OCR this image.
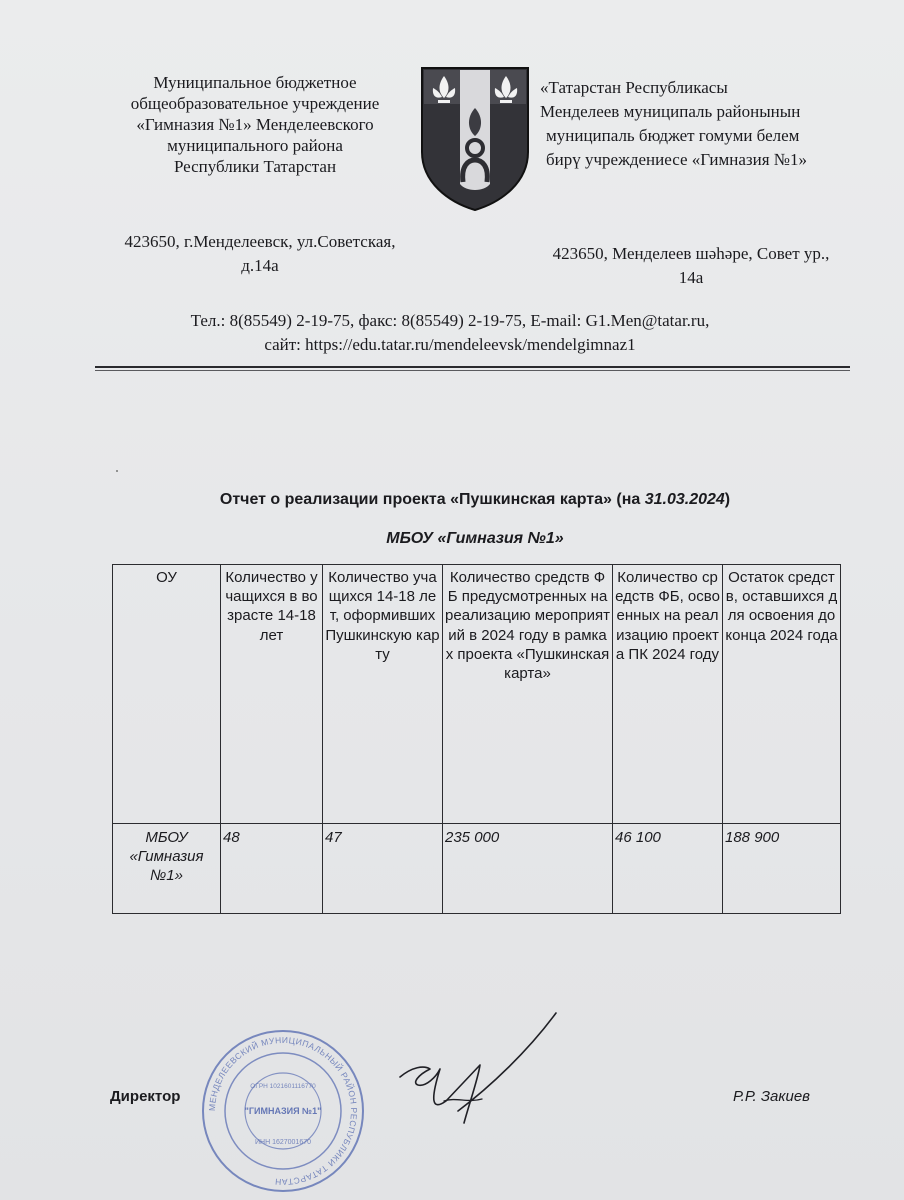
Муниципальное бюджетное
общеобразовательное учреждение
«Гимназия №1» Менделеевского
муниципального района
Республики Татарстан
«Татарстан Республикасы
Менделеев муниципаль районынын
муниципаль бюджет гомуми белем
бирү учреждениесе «Гимназия №1»
423650, г.Менделеевск, ул.Советская,
д.14а
423650, Менделеев шәһәре, Совет ур.,
14а
Тел.: 8(85549) 2-19-75, факс: 8(85549) 2-19-75, E-mail: G1.Men@tatar.ru,
сайт: https://edu.tatar.ru/mendeleevsk/mendelgimnaz1
Отчет о реализации проекта «Пушкинская карта» (на 31.03.2024)
МБОУ «Гимназия №1»
ОУ	Количество учащихся в возрасте 14-18 лет	Количество учащихся 14-18 лет, оформивших Пушкинскую карту	Количество средств ФБ предусмотренных на реализацию мероприятий в 2024 году в рамках проекта «Пушкинская карта»	Количество средств ФБ, освоенных на реализацию проекта ПК 2024 году	Остаток средств, оставшихся для освоения до конца 2024 года
МБОУ «Гимназия №1»	48	47	235 000	46 100	188 900
МЕНДЕЛЕЕВСКИЙ МУНИЦИПАЛЬНЫЙ РАЙОН РЕСПУБЛИКИ ТАТАРСТАН
ОГРН 1021601116770
"ГИМНАЗИЯ №1"
ИНН 1627001670
Директор	Р.Р. Закиев
